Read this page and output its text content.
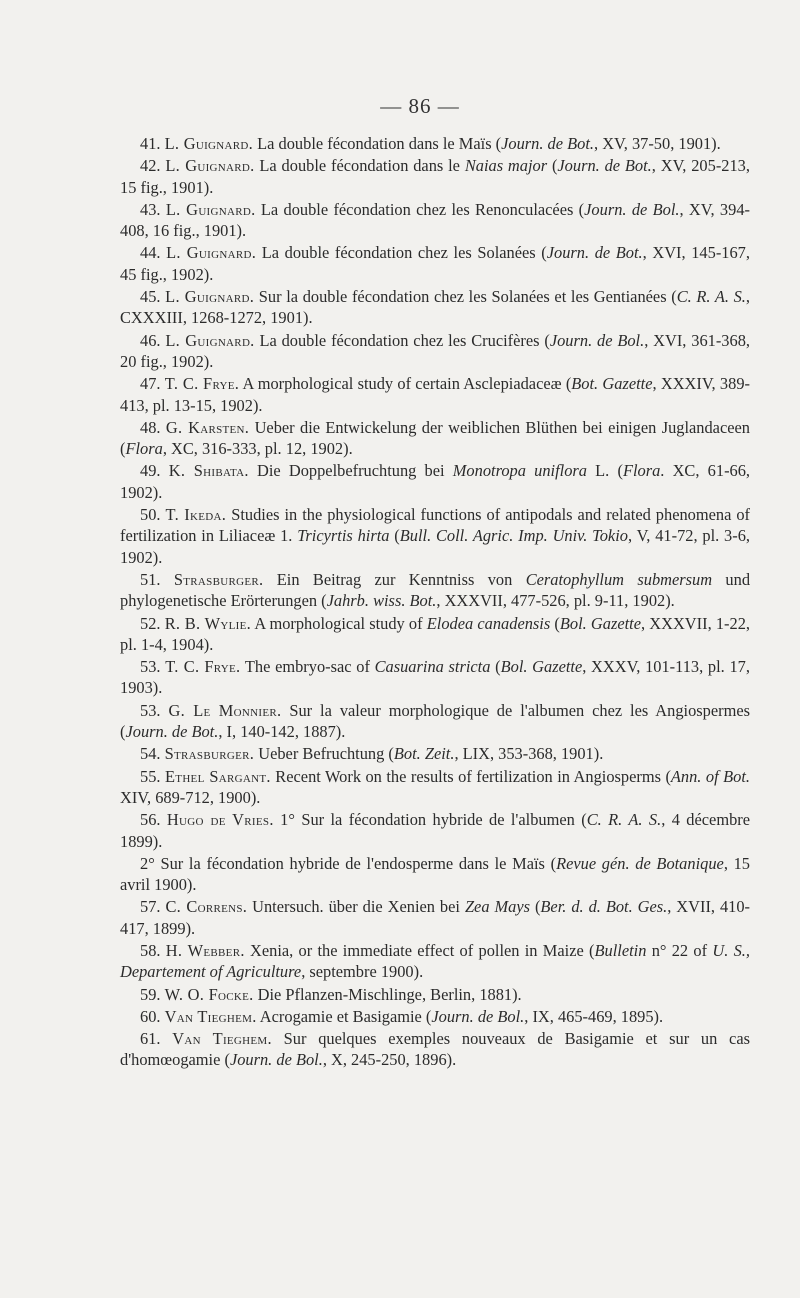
— 86 —

41. L. Guignard. La double fécondation dans le Maïs (Journ. de Bot., XV, 37-50, 1901).

42. L. Guignard. La double fécondation dans le Naias major (Journ. de Bot., XV, 205-213, 15 fig., 1901).

43. L. Guignard. La double fécondation chez les Renonculacées (Journ. de Bol., XV, 394-408, 16 fig., 1901).

44. L. Guignard. La double fécondation chez les Solanées (Journ. de Bot., XVI, 145-167, 45 fig., 1902).

45. L. Guignard. Sur la double fécondation chez les Solanées et les Gentianées (C. R. A. S., CXXXIII, 1268-1272, 1901).

46. L. Guignard. La double fécondation chez les Crucifères (Journ. de Bol., XVI, 361-368, 20 fig., 1902).

47. T. C. Frye. A morphological study of certain Asclepiadaceæ (Bot. Gazette, XXXIV, 389-413, pl. 13-15, 1902).

48. G. Karsten. Ueber die Entwickelung der weiblichen Blüthen bei einigen Juglandaceen (Flora, XC, 316-333, pl. 12, 1902).

49. K. Shibata. Die Doppelbefruchtung bei Monotropa uniflora L. (Flora. XC, 61-66, 1902).

50. T. Ikeda. Studies in the physiological functions of antipodals and related phenomena of fertilization in Liliaceæ 1. Tricyrtis hirta (Bull. Coll. Agric. Imp. Univ. Tokio, V, 41-72, pl. 3-6, 1902).

51. Strasburger. Ein Beitrag zur Kenntniss von Ceratophyllum submersum und phylogenetische Erörterungen (Jahrb. wiss. Bot., XXXVII, 477-526, pl. 9-11, 1902).

52. R. B. Wylie. A morphological study of Elodea canadensis (Bol. Gazette, XXXVII, 1-22, pl. 1-4, 1904).

53. T. C. Frye. The embryo-sac of Casuarina stricta (Bol. Gazette, XXXV, 101-113, pl. 17, 1903).

53. G. Le Monnier. Sur la valeur morphologique de l'albumen chez les Angiospermes (Journ. de Bot., I, 140-142, 1887).

54. Strasburger. Ueber Befruchtung (Bot. Zeit., LIX, 353-368, 1901).

55. Ethel Sargant. Recent Work on the results of fertilization in Angiosperms (Ann. of Bot. XIV, 689-712, 1900).

56. Hugo de Vries. 1° Sur la fécondation hybride de l'albumen (C. R. A. S., 4 décembre 1899).

2° Sur la fécondation hybride de l'endosperme dans le Maïs (Revue gén. de Botanique, 15 avril 1900).

57. C. Correns. Untersuch. über die Xenien bei Zea Mays (Ber. d. d. Bot. Ges., XVII, 410-417, 1899).

58. H. Webber. Xenia, or the immediate effect of pollen in Maize (Bulletin n° 22 of U. S., Departement of Agriculture, septembre 1900).

59. W. O. Focke. Die Pflanzen-Mischlinge, Berlin, 1881).

60. Van Tieghem. Acrogamie et Basigamie (Journ. de Bol., IX, 465-469, 1895).

61. Van Tieghem. Sur quelques exemples nouveaux de Basigamie et sur un cas d'homœogamie (Journ. de Bol., X, 245-250, 1896).
